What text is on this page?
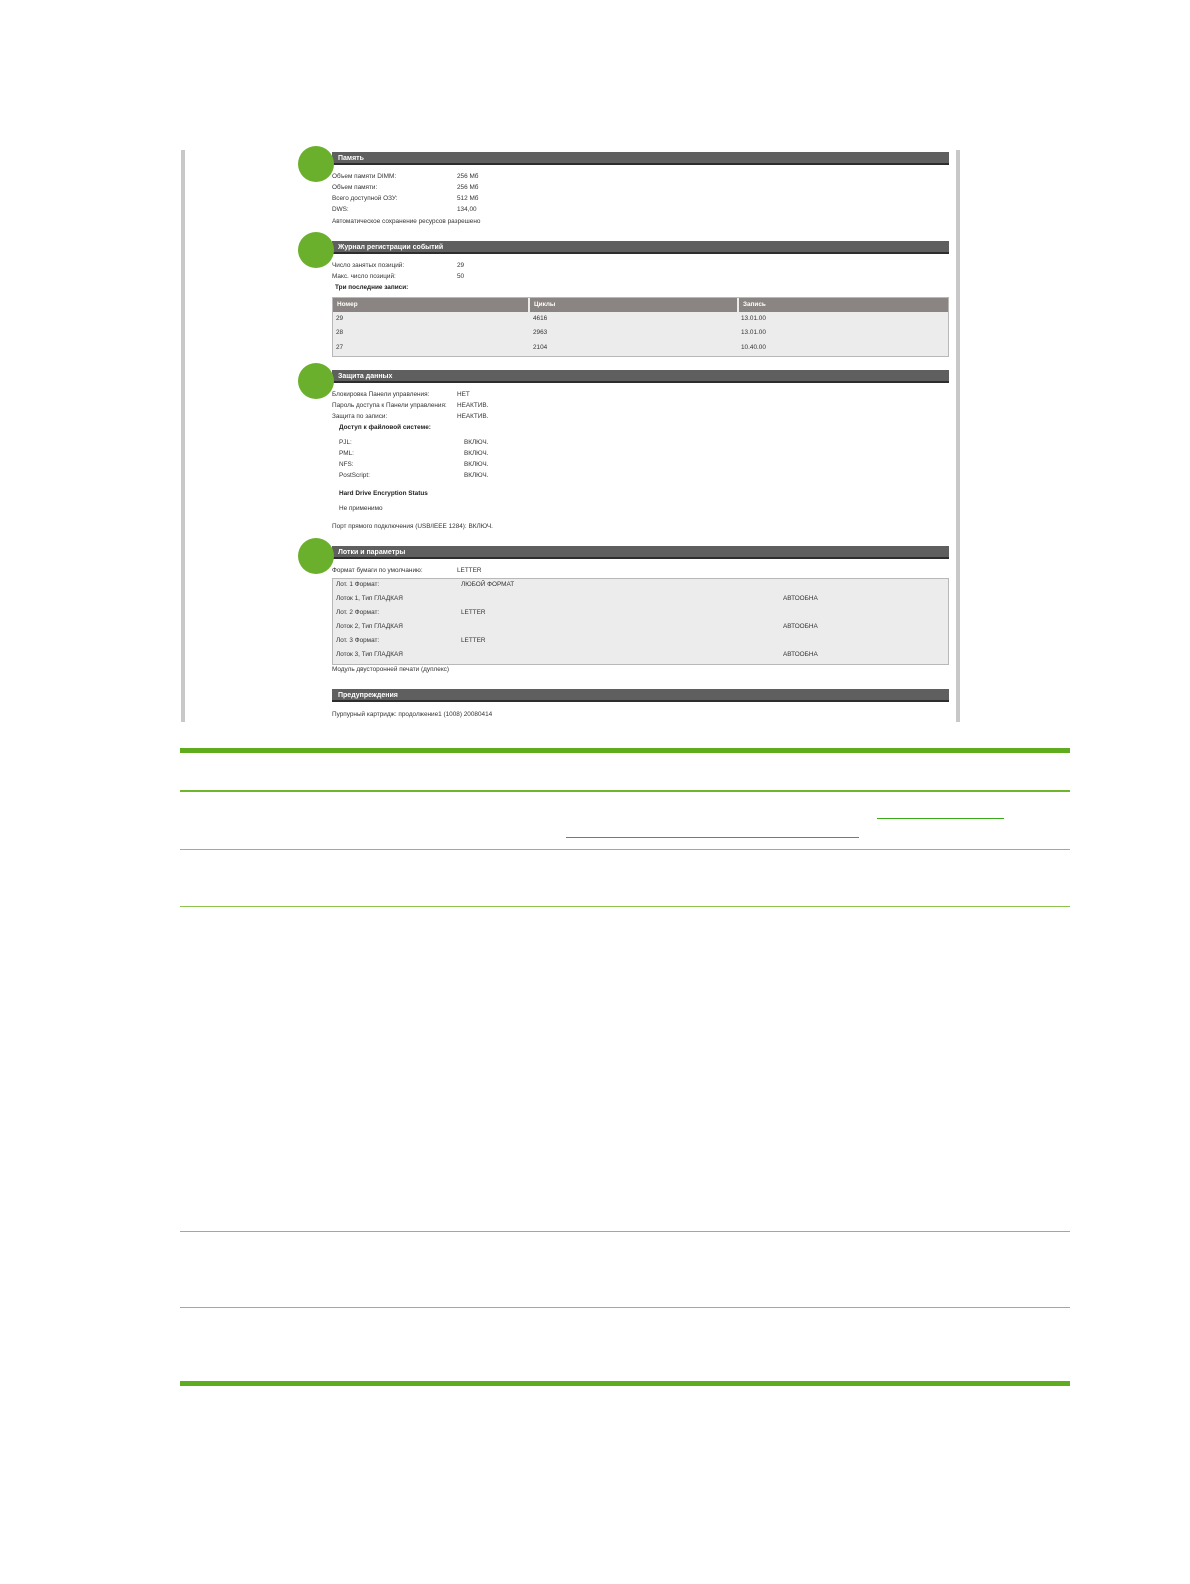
Память
Объем памяти DIMM:	256 Мб
Объем памяти:	256 Мб
Всего доступной ОЗУ:	512 Мб
DWS:	134,00
Автоматическое сохранение ресурсов разрешено
Журнал регистрации событий
Число занятых позиций:	29
Макс. число позиций:	50
Три последние записи:
Номер	Циклы	Запись
29	4616	13.01.00
28	2963	13.01.00
27	2104	10.40.00
Защита данных
Блокировка Панели управления:	НЕТ
Пароль доступа к Панели управления: НЕАКТИВ.
Защита по записи:	НЕАКТИВ.
Доступ к файловой системе:
PJL:	ВКЛЮЧ.
PML:	ВКЛЮЧ.
NFS:	ВКЛЮЧ.
PostScript:	ВКЛЮЧ.
Hard Drive Encryption Status
Не применимо
Порт прямого подключения (USB/IEEE 1284): ВКЛЮЧ.
Лотки и параметры
Формат бумаги по умолчанию:	LETTER
Лот. 1 Формат:	ЛЮБОЙ ФОРМАТ
Лоток 1, Тип ГЛАДКАЯ	АВТООБНА
Лот. 2 Формат:	LETTER
Лоток 2, Тип ГЛАДКАЯ	АВТООБНА
Лот. 3 Формат:	LETTER
Лоток 3, Тип ГЛАДКАЯ	АВТООБНА
Модуль двусторонней печати (дуплекс)
Предупреждения
Пурпурный картридж: продолжение1 (1008) 20080414
